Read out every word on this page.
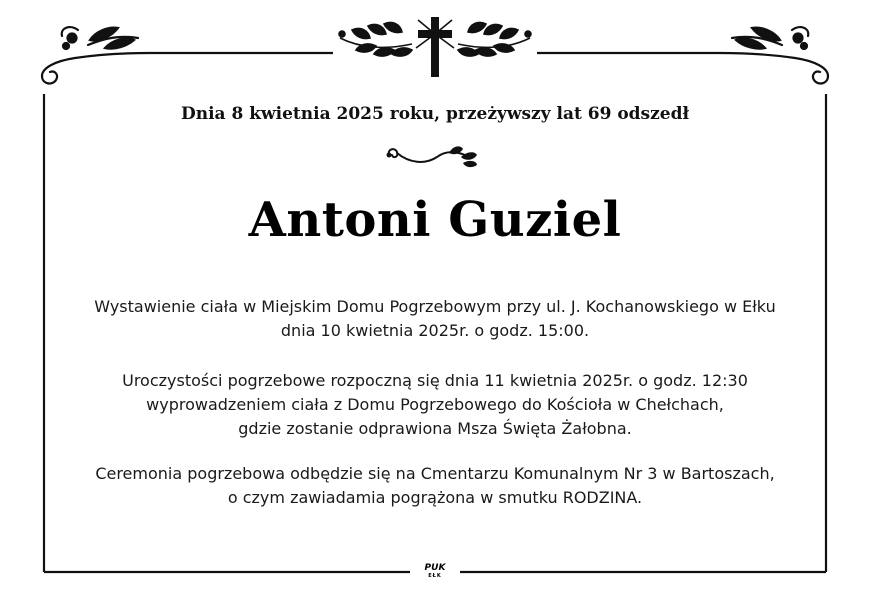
Dnia 8 kwietnia 2025 roku, przeżywszy lat 69 odszedł
Antoni Guziel
Wystawienie ciała w Miejskim Domu Pogrzebowym przy ul. J. Kochanowskiego w Ełku
dnia 10 kwietnia 2025r. o godz. 15:00.
Uroczystości pogrzebowe rozpoczną się dnia 11 kwietnia 2025r. o godz. 12:30
wyprowadzeniem ciała z Domu Pogrzebowego do Kościoła w Chełchach,
gdzie zostanie odprawiona Msza Święta Żałobna.
Ceremonia pogrzebowa odbędzie się na Cmentarzu Komunalnym Nr 3 w Bartoszach,
o czym zawiadamia pogrążona w smutku RODZINA.
PUK
EŁK
